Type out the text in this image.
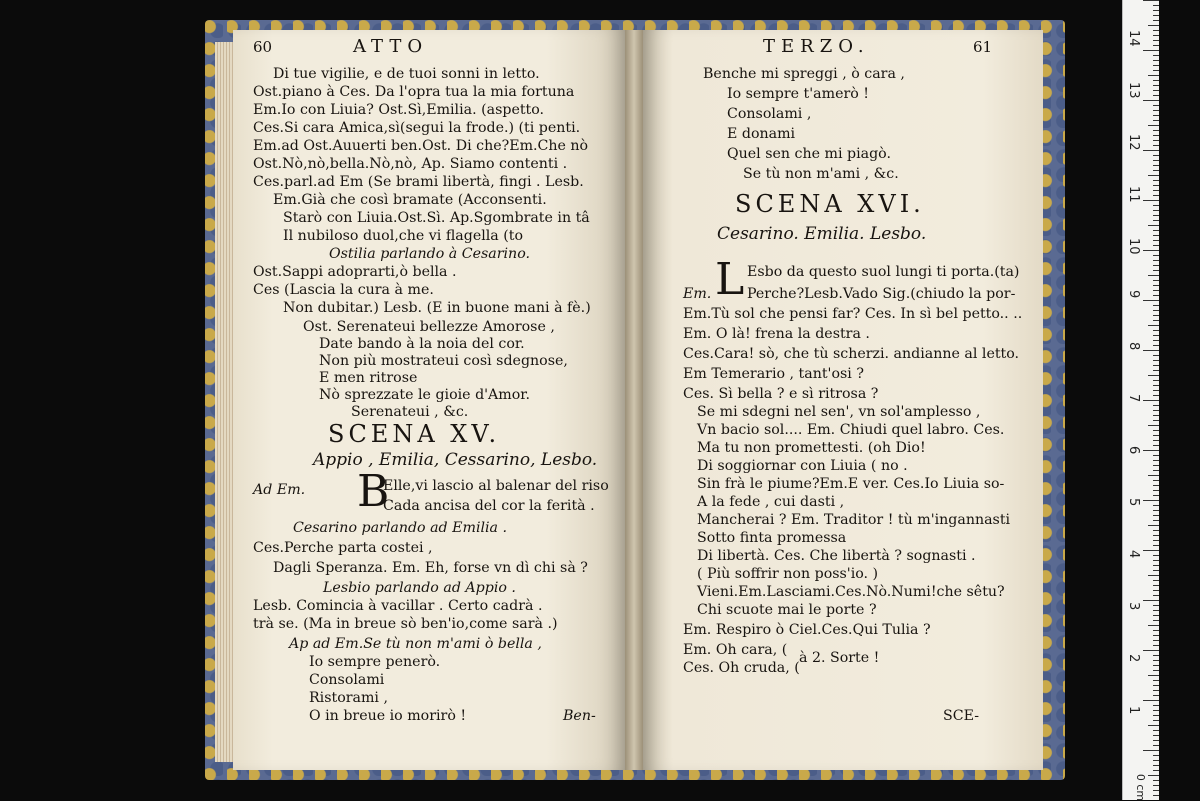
60	ATTO
Di tue vigilie, e de tuoi sonni in letto.
Ost.piano à Ces. Da l'opra tua la mia fortuna
Em.Io con Liuia? Ost.Sì,Emilia. (aspetto.
Ces.Si cara Amica,sì(segui la frode.) (ti penti.
Em.ad Ost.Auuerti ben.Ost. Di che?Em.Che nò
Ost.Nò,nò,bella.Nò,nò, Ap. Siamo contenti .
Ces.parl.ad Em (Se brami libertà, fingi . Lesb.
Em.Già che così bramate (Acconsenti.
Starò con Liuia.Ost.Sì. Ap.Sgombrate in tâ
Il nubiloso duol,che vi flagella (to
Ostilia parlando à Cesarino.
Ost.Sappi adoprarti,ò bella .
Ces (Lascia la cura à me.
Non dubitar.) Lesb. (E in buone mani à fè.)
Ost. Serenateui bellezze Amorose ,
Date bando à la noia del cor.
Non più mostrateui così sdegnose,
E men ritrose
Nò sprezzate le gioie d'Amor.
Serenateui , &c.
SCENA XV.
Appio , Emilia, Cessarino, Lesbo.
B
Ad Em.	Elle,vi lascio al balenar del riso
Cada ancisa del cor la ferità .
Cesarino parlando ad Emilia .
Ces.Perche parta costei ,
Dagli Speranza. Em. Eh, forse vn dì chi sà ?
Lesbio parlando ad Appio .
Lesb. Comincia à vacillar . Certo cadrà .
trà se. (Ma in breue sò ben'io,come sarà .)
Ap ad Em.Se tù non m'ami ò bella ,
Io sempre penerò.
Consolami
Ristorami ,
O in breue io morirò !	Ben-
TERZO.	61
Benche mi spreggi , ò cara ,
Io sempre t'amerò !
Consolami ,
E donami
Quel sen che mi piagò.
Se tù non m'ami , &c.
SCENA XVI.
Cesarino. Emilia. Lesbo.
L Esbo da questo suol lungi ti porta.(ta)
Em.	Perche?Lesb.Vado Sig.(chiudo la por-
Em.Tù sol che pensi far? Ces. In sì bel petto.. ..
Em. O là! frena la destra .
Ces.Cara! sò, che tù scherzi. andianne al letto.
Em Temerario , tant'osi ?
Ces. Sì bella ? e sì ritrosa ?
Se mi sdegni nel sen', vn sol'amplesso ,
Vn bacio sol.... Em. Chiudi quel labro. Ces.
Ma tu non promettesti. (oh Dio!
Di soggiornar con Liuia ( no .
Sin frà le piume?Em.E ver. Ces.Io Liuia so-
A la fede , cui dasti ,
Mancherai ? Em. Traditor ! tù m'ingannasti
Sotto finta promessa
Di libertà. Ces. Che libertà ? sognasti .
( Più soffrir non poss'io. )
Vieni.Em.Lasciami.Ces.Nò.Numi!che sêtu?
Chi scuote mai le porte ?
Em. Respiro ò Ciel.Ces.Qui Tulia ?
Em. Oh cara, (
Ces. Oh cruda, (
à 2. Sorte !
SCE-
0 cm
14
13
12
11
10
9
8
7
6
5
4
3
2
1
